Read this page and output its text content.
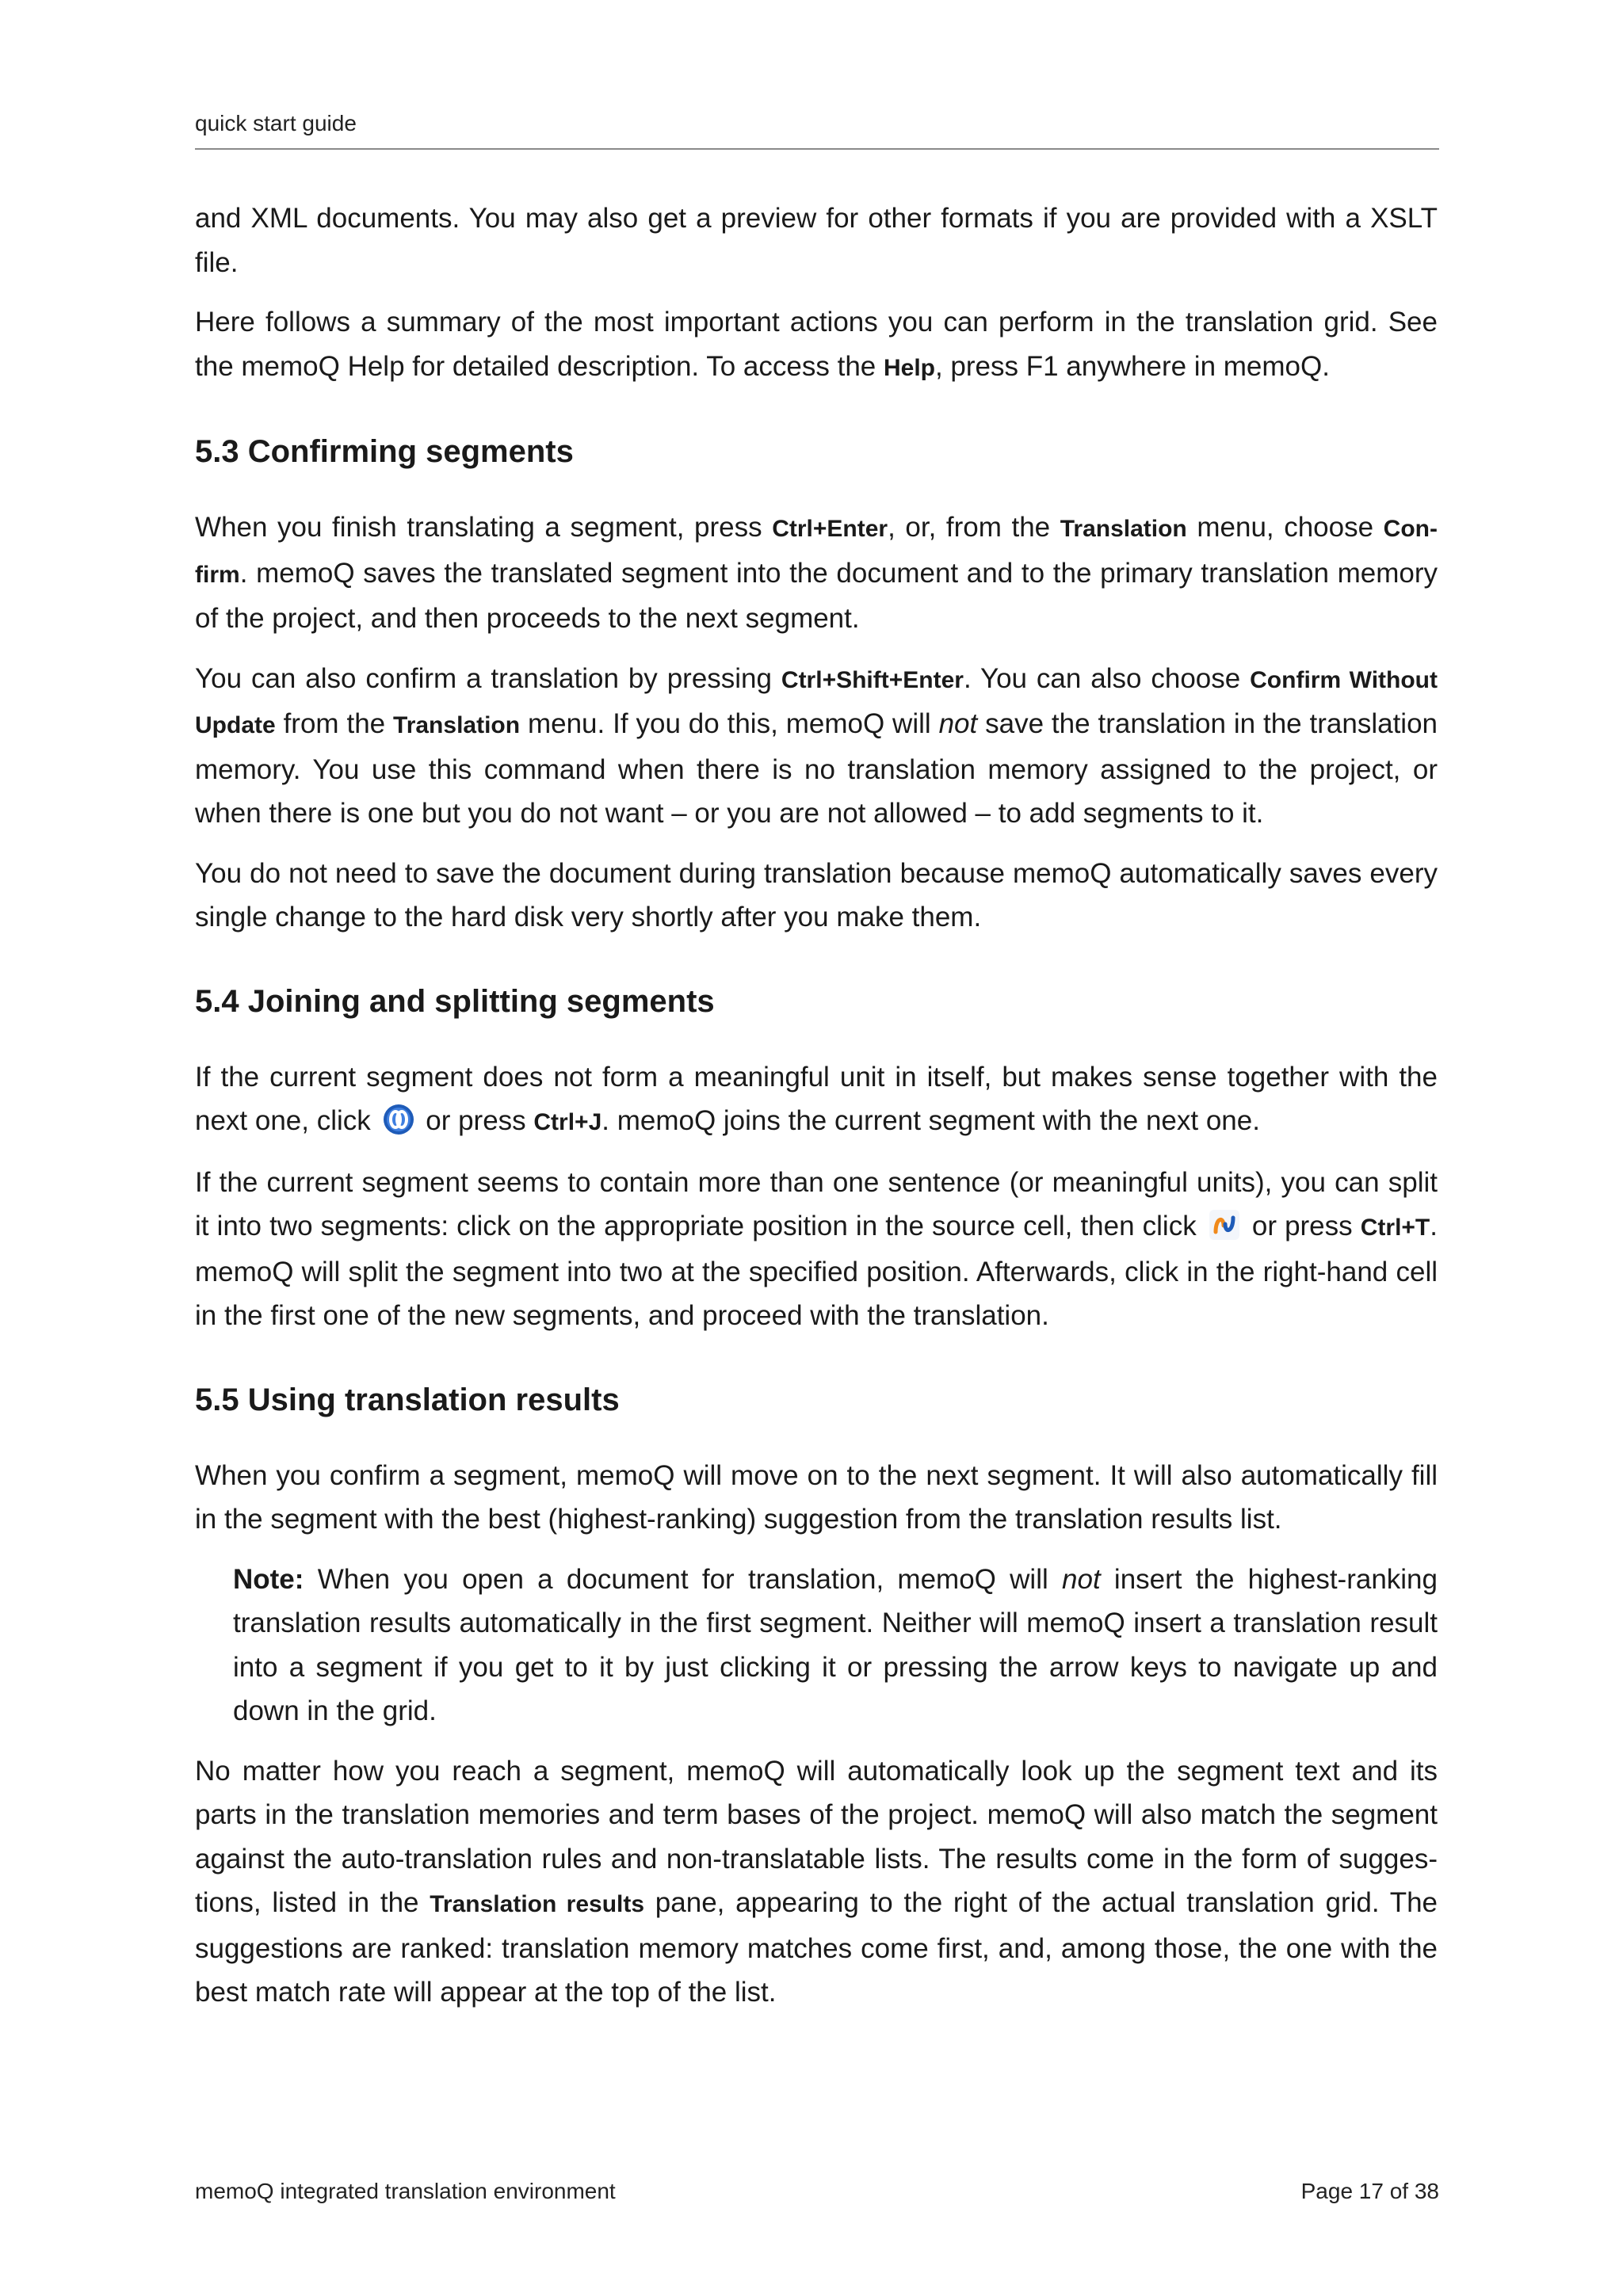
quick start guide

and XML documents. You may also get a preview for other formats if you are provided with a XSLT file.

Here follows a summary of the most important actions you can perform in the translation grid. See the memoQ Help for detailed description. To access the Help, press F1 anywhere in memoQ.

5.3 Confirming segments

When you finish translating a segment, press Ctrl+Enter, or, from the Translation menu, choose Confirm. memoQ saves the translated segment into the document and to the primary translation memory of the project, and then proceeds to the next segment.

You can also confirm a translation by pressing Ctrl+Shift+Enter. You can also choose Confirm Without Update from the Translation menu. If you do this, memoQ will not save the translation in the translation memory. You use this command when there is no translation memory assigned to the project, or when there is one but you do not want – or you are not allowed – to add segments to it.

You do not need to save the document during translation because memoQ automatically saves every single change to the hard disk very shortly after you make them.

5.4 Joining and splitting segments

If the current segment does not form a meaningful unit in itself, but makes sense together with the next one, click  or press Ctrl+J. memoQ joins the current segment with the next one.

If the current segment seems to contain more than one sentence (or meaningful units), you can split it into two segments: click on the appropriate position in the source cell, then click  or press Ctrl+T. memoQ will split the segment into two at the specified position. Afterwards, click in the right-hand cell in the first one of the new segments, and proceed with the translation.

5.5 Using translation results

When you confirm a segment, memoQ will move on to the next segment. It will also automatically fill in the segment with the best (highest-ranking) suggestion from the translation results list.

Note: When you open a document for translation, memoQ will not insert the highest-ranking translation results automatically in the first segment. Neither will memoQ insert a translation result into a segment if you get to it by just clicking it or pressing the arrow keys to navigate up and down in the grid.

No matter how you reach a segment, memoQ will automatically look up the segment text and its parts in the translation memories and term bases of the project. memoQ will also match the segment against the auto-translation rules and non-translatable lists. The results come in the form of suggestions, listed in the Translation results pane, appearing to the right of the actual translation grid. The suggestions are ranked: translation memory matches come first, and, among those, the one with the best match rate will appear at the top of the list.

memoQ integrated translation environment	Page 17 of 38
